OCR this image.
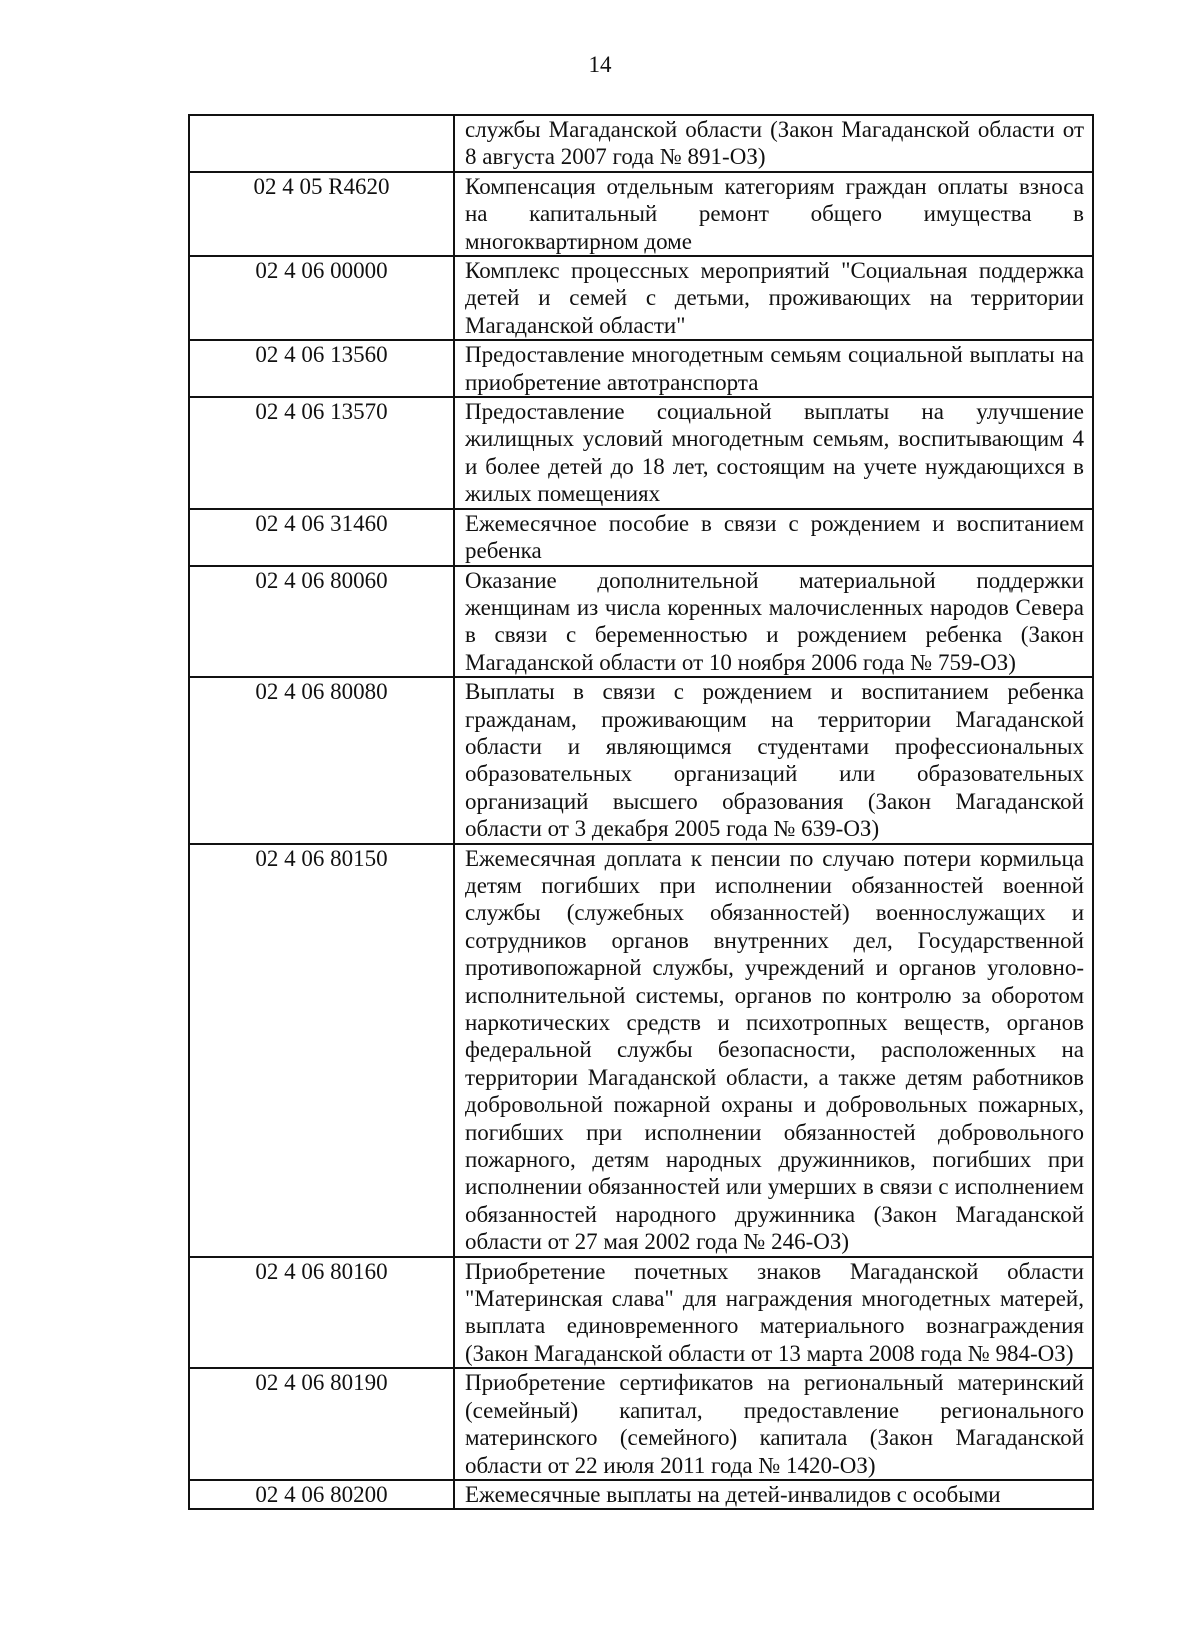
14
	службы Магаданской области (Закон Магаданской области от 8 августа 2007 года № 891-ОЗ)
02 4 05 R4620	Компенсация отдельным категориям граждан оплаты взноса на капитальный ремонт общего имущества в многоквартирном доме
02 4 06 00000	Комплекс процессных мероприятий "Социальная поддержка детей и семей с детьми, проживающих на территории Магаданской области"
02 4 06 13560	Предоставление многодетным семьям социальной выплаты на приобретение автотранспорта
02 4 06 13570	Предоставление социальной выплаты на улучшение жилищных условий многодетным семьям, воспитывающим 4 и более детей до 18 лет, состоящим на учете нуждающихся в жилых помещениях
02 4 06 31460	Ежемесячное пособие в связи с рождением и воспитанием ребенка
02 4 06 80060	Оказание дополнительной материальной поддержки женщинам из числа коренных малочисленных народов Севера в связи с беременностью и рождением ребенка (Закон Магаданской области от 10 ноября 2006 года № 759-ОЗ)
02 4 06 80080	Выплаты в связи с рождением и воспитанием ребенка гражданам, проживающим на территории Магаданской области и являющимся студентами профессиональных образовательных организаций или образовательных организаций высшего образования (Закон Магаданской области от 3 декабря 2005 года № 639-ОЗ)
02 4 06 80150	Ежемесячная доплата к пенсии по случаю потери кормильца детям погибших при исполнении обязанностей военной службы (служебных обязанностей) военнослужащих и сотрудников органов внутренних дел, Государственной противопожарной службы, учреждений и органов уголовно-исполнительной системы, органов по контролю за оборотом наркотических средств и психотропных веществ, органов федеральной службы безопасности, расположенных на территории Магаданской области, а также детям работников добровольной пожарной охраны и добровольных пожарных, погибших при исполнении обязанностей добровольного пожарного, детям народных дружинников, погибших при исполнении обязанностей или умерших в связи с исполнением обязанностей народного дружинника (Закон Магаданской области от 27 мая 2002 года № 246-ОЗ)
02 4 06 80160	Приобретение почетных знаков Магаданской области "Материнская слава" для награждения многодетных матерей, выплата единовременного материального вознаграждения (Закон Магаданской области от 13 марта 2008 года № 984-ОЗ)
02 4 06 80190	Приобретение сертификатов на региональный материнский (семейный) капитал, предоставление регионального материнского (семейного) капитала (Закон Магаданской области от 22 июля 2011 года № 1420-ОЗ)
02 4 06 80200	Ежемесячные выплаты на детей-инвалидов с особыми
